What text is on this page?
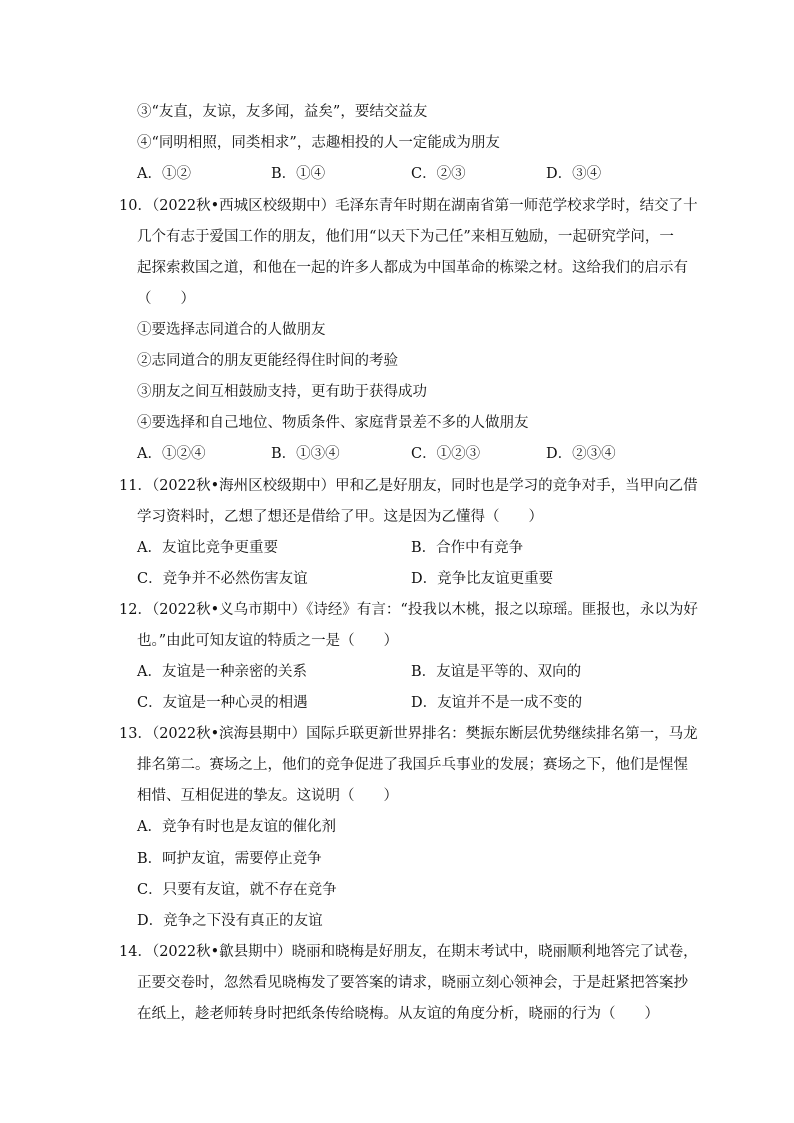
③“友直，友谅，友多闻，益矣”，要结交益友
④“同明相照，同类相求”，志趣相投的人一定能成为朋友
A．①②	B．①④	C．②③	D．③④
10．（2022秋•西城区校级期中）毛泽东青年时期在湖南省第一师范学校求学时，结交了十
几个有志于爱国工作的朋友，他们用“以天下为己任”来相互勉励，一起研究学问，一
起探索救国之道，和他在一起的许多人都成为中国革命的栋梁之材。这给我们的启示有
（　　）
①要选择志同道合的人做朋友
②志同道合的朋友更能经得住时间的考验
③朋友之间互相鼓励支持，更有助于获得成功
④要选择和自己地位、物质条件、家庭背景差不多的人做朋友
A．①②④	B．①③④	C．①②③	D．②③④
11．（2022秋•海州区校级期中）甲和乙是好朋友，同时也是学习的竞争对手，当甲向乙借
学习资料时，乙想了想还是借给了甲。这是因为乙懂得（　　）
A．友谊比竞争更重要	B．合作中有竞争
C．竞争并不必然伤害友谊	D．竞争比友谊更重要
12．（2022秋•义乌市期中）《诗经》有言：“投我以木桃，报之以琼瑶。匪报也，永以为好
也。”由此可知友谊的特质之一是（　　）
A．友谊是一种亲密的关系	B．友谊是平等的、双向的
C．友谊是一种心灵的相遇	D．友谊并不是一成不变的
13．（2022秋•滨海县期中）国际乒联更新世界排名：樊振东断层优势继续排名第一，马龙
排名第二。赛场之上，他们的竞争促进了我国乒乓事业的发展；赛场之下，他们是惺惺
相惜、互相促进的挚友。这说明（　　）
A．竞争有时也是友谊的催化剂
B．呵护友谊，需要停止竞争
C．只要有友谊，就不存在竞争
D．竞争之下没有真正的友谊
14．（2022秋•歙县期中）晓丽和晓梅是好朋友，在期末考试中，晓丽顺利地答完了试卷，
正要交卷时，忽然看见晓梅发了要答案的请求，晓丽立刻心领神会，于是赶紧把答案抄
在纸上，趁老师转身时把纸条传给晓梅。从友谊的角度分析，晓丽的行为（　　）
